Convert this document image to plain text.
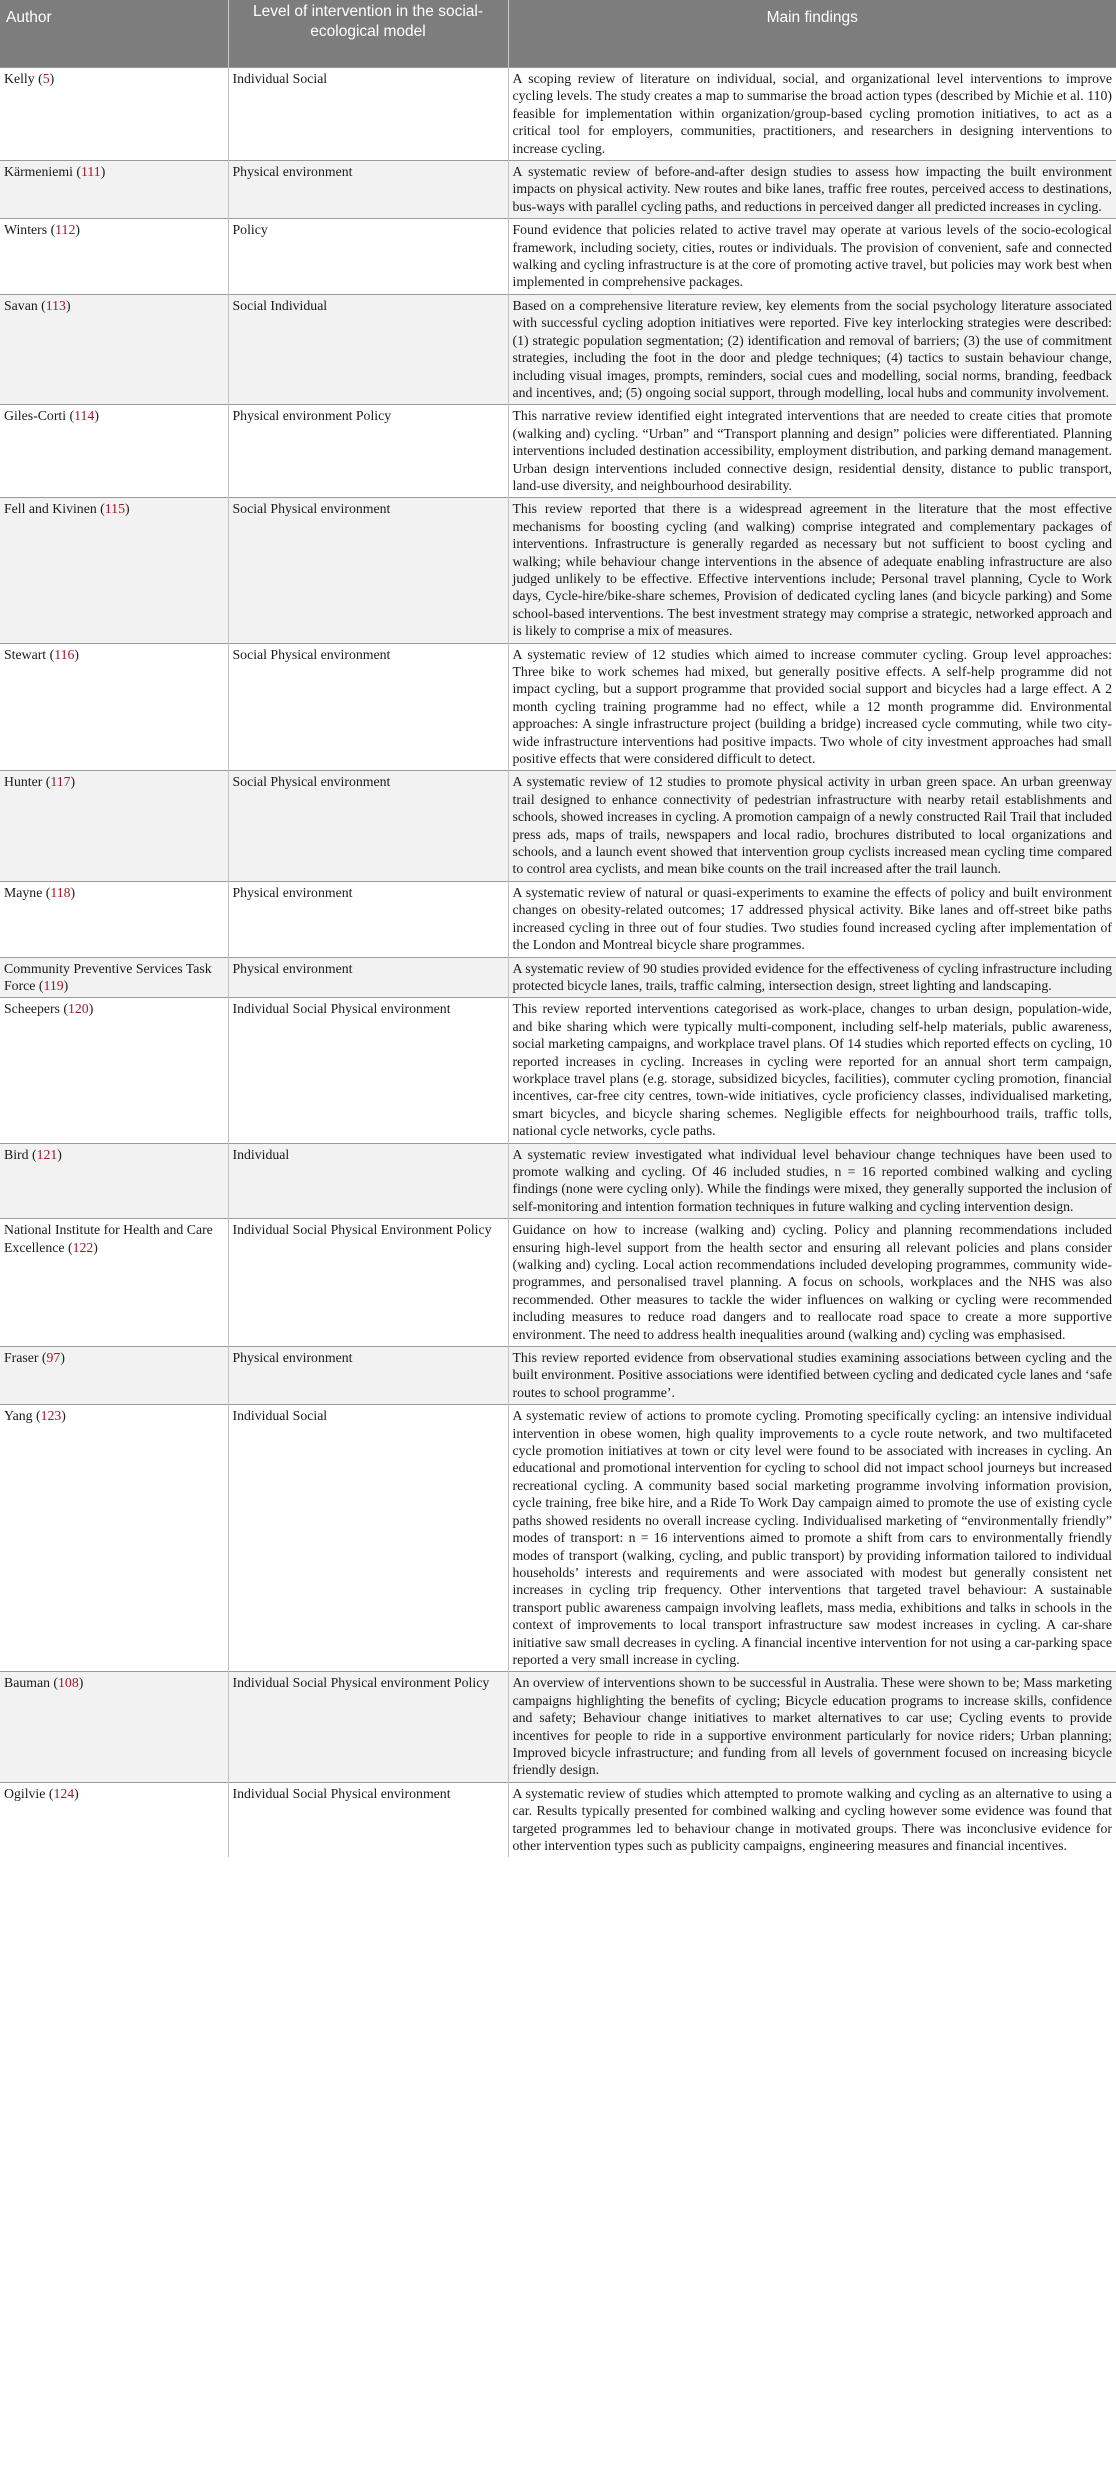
Author	Level of intervention in the social-ecological model	Main findings
Kelly (5)	Individual Social	A scoping review of literature on individual, social, and organizational level interventions to improve cycling levels. The study creates a map to summarise the broad action types (described by Michie et al. 110) feasible for implementation within organization/group-based cycling promotion initiatives, to act as a critical tool for employers, communities, practitioners, and researchers in designing interventions to increase cycling.
Kärmeniemi (111)	Physical environment	A systematic review of before-and-after design studies to assess how impacting the built environment impacts on physical activity. New routes and bike lanes, traffic free routes, perceived access to destinations, bus-ways with parallel cycling paths, and reductions in perceived danger all predicted increases in cycling.
Winters (112)	Policy	Found evidence that policies related to active travel may operate at various levels of the socio-ecological framework, including society, cities, routes or individuals. The provision of convenient, safe and connected walking and cycling infrastructure is at the core of promoting active travel, but policies may work best when implemented in comprehensive packages.
Savan (113)	Social Individual	Based on a comprehensive literature review, key elements from the social psychology literature associated with successful cycling adoption initiatives were reported. Five key interlocking strategies were described: (1) strategic population segmentation; (2) identification and removal of barriers; (3) the use of commitment strategies, including the foot in the door and pledge techniques; (4) tactics to sustain behaviour change, including visual images, prompts, reminders, social cues and modelling, social norms, branding, feedback and incentives, and; (5) ongoing social support, through modelling, local hubs and community involvement.
Giles-Corti (114)	Physical environment Policy	This narrative review identified eight integrated interventions that are needed to create cities that promote (walking and) cycling. “Urban” and “Transport planning and design” policies were differentiated. Planning interventions included destination accessibility, employment distribution, and parking demand management. Urban design interventions included connective design, residential density, distance to public transport, land-use diversity, and neighbourhood desirability.
Fell and Kivinen (115)	Social Physical environment	This review reported that there is a widespread agreement in the literature that the most effective mechanisms for boosting cycling (and walking) comprise integrated and complementary packages of interventions. Infrastructure is generally regarded as necessary but not sufficient to boost cycling and walking; while behaviour change interventions in the absence of adequate enabling infrastructure are also judged unlikely to be effective. Effective interventions include; Personal travel planning, Cycle to Work days, Cycle-hire/bike-share schemes, Provision of dedicated cycling lanes (and bicycle parking) and Some school-based interventions. The best investment strategy may comprise a strategic, networked approach and is likely to comprise a mix of measures.
Stewart (116)	Social Physical environment	A systematic review of 12 studies which aimed to increase commuter cycling. Group level approaches: Three bike to work schemes had mixed, but generally positive effects. A self-help programme did not impact cycling, but a support programme that provided social support and bicycles had a large effect. A 2 month cycling training programme had no effect, while a 12 month programme did. Environmental approaches: A single infrastructure project (building a bridge) increased cycle commuting, while two city-wide infrastructure interventions had positive impacts. Two whole of city investment approaches had small positive effects that were considered difficult to detect.
Hunter (117)	Social Physical environment	A systematic review of 12 studies to promote physical activity in urban green space. An urban greenway trail designed to enhance connectivity of pedestrian infrastructure with nearby retail establishments and schools, showed increases in cycling. A promotion campaign of a newly constructed Rail Trail that included press ads, maps of trails, newspapers and local radio, brochures distributed to local organizations and schools, and a launch event showed that intervention group cyclists increased mean cycling time compared to control area cyclists, and mean bike counts on the trail increased after the trail launch.
Mayne (118)	Physical environment	A systematic review of natural or quasi-experiments to examine the effects of policy and built environment changes on obesity-related outcomes; 17 addressed physical activity. Bike lanes and off-street bike paths increased cycling in three out of four studies. Two studies found increased cycling after implementation of the London and Montreal bicycle share programmes.
Community Preventive Services Task Force (119)	Physical environment	A systematic review of 90 studies provided evidence for the effectiveness of cycling infrastructure including protected bicycle lanes, trails, traffic calming, intersection design, street lighting and landscaping.
Scheepers (120)	Individual Social Physical environment	This review reported interventions categorised as work-place, changes to urban design, population-wide, and bike sharing which were typically multi-component, including self-help materials, public awareness, social marketing campaigns, and workplace travel plans. Of 14 studies which reported effects on cycling, 10 reported increases in cycling. Increases in cycling were reported for an annual short term campaign, workplace travel plans (e.g. storage, subsidized bicycles, facilities), commuter cycling promotion, financial incentives, car-free city centres, town-wide initiatives, cycle proficiency classes, individualised marketing, smart bicycles, and bicycle sharing schemes. Negligible effects for neighbourhood trails, traffic tolls, national cycle networks, cycle paths.
Bird (121)	Individual	A systematic review investigated what individual level behaviour change techniques have been used to promote walking and cycling. Of 46 included studies, n = 16 reported combined walking and cycling findings (none were cycling only). While the findings were mixed, they generally supported the inclusion of self-monitoring and intention formation techniques in future walking and cycling intervention design.
National Institute for Health and Care Excellence (122)	Individual Social Physical Environment Policy	Guidance on how to increase (walking and) cycling. Policy and planning recommendations included ensuring high-level support from the health sector and ensuring all relevant policies and plans consider (walking and) cycling. Local action recommendations included developing programmes, community wide-programmes, and personalised travel planning. A focus on schools, workplaces and the NHS was also recommended. Other measures to tackle the wider influences on walking or cycling were recommended including measures to reduce road dangers and to reallocate road space to create a more supportive environment. The need to address health inequalities around (walking and) cycling was emphasised.
Fraser (97)	Physical environment	This review reported evidence from observational studies examining associations between cycling and the built environment. Positive associations were identified between cycling and dedicated cycle lanes and ‘safe routes to school programme’.
Yang (123)	Individual Social	A systematic review of actions to promote cycling. Promoting specifically cycling: an intensive individual intervention in obese women, high quality improvements to a cycle route network, and two multifaceted cycle promotion initiatives at town or city level were found to be associated with increases in cycling. An educational and promotional intervention for cycling to school did not impact school journeys but increased recreational cycling. A community based social marketing programme involving information provision, cycle training, free bike hire, and a Ride To Work Day campaign aimed to promote the use of existing cycle paths showed residents no overall increase cycling. Individualised marketing of “environmentally friendly” modes of transport: n = 16 interventions aimed to promote a shift from cars to environmentally friendly modes of transport (walking, cycling, and public transport) by providing information tailored to individual households’ interests and requirements and were associated with modest but generally consistent net increases in cycling trip frequency. Other interventions that targeted travel behaviour: A sustainable transport public awareness campaign involving leaflets, mass media, exhibitions and talks in schools in the context of improvements to local transport infrastructure saw modest increases in cycling. A car-share initiative saw small decreases in cycling. A financial incentive intervention for not using a car-parking space reported a very small increase in cycling.
Bauman (108)	Individual Social Physical environment Policy	An overview of interventions shown to be successful in Australia. These were shown to be; Mass marketing campaigns highlighting the benefits of cycling; Bicycle education programs to increase skills, confidence and safety; Behaviour change initiatives to market alternatives to car use; Cycling events to provide incentives for people to ride in a supportive environment particularly for novice riders; Urban planning; Improved bicycle infrastructure; and funding from all levels of government focused on increasing bicycle friendly design.
Ogilvie (124)	Individual Social Physical environment	A systematic review of studies which attempted to promote walking and cycling as an alternative to using a car. Results typically presented for combined walking and cycling however some evidence was found that targeted programmes led to behaviour change in motivated groups. There was inconclusive evidence for other intervention types such as publicity campaigns, engineering measures and financial incentives.
